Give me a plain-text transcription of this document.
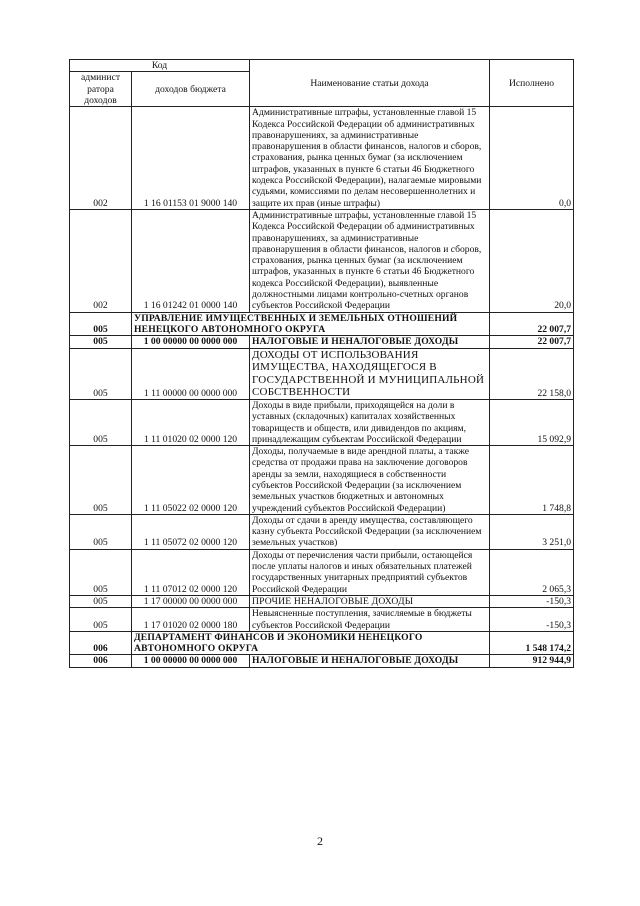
Код		Наименование статьи дохода	Исполнено
админист ратора доходов	доходов бюджета		
002	1 16 01153 01 9000 140	Административные штрафы, установленные главой 15 Кодекса Российской Федерации об административных правонарушениях, за административные правонарушения в области финансов, налогов и сборов, страхования, рынка ценных бумаг (за исключением штрафов, указанных в пункте 6 статьи 46 Бюджетного кодекса Российской Федерации), налагаемые мировыми судьями, комиссиями по делам несовершеннолетних и защите их прав (иные штрафы)	0,0
002	1 16 01242 01 0000 140	Административные штрафы, установленные главой 15 Кодекса Российской Федерации об административных правонарушениях, за административные правонарушения в области финансов, налогов и сборов, страхования, рынка ценных бумаг (за исключением штрафов, указанных в пункте 6 статьи 46 Бюджетного кодекса Российской Федерации), выявленные должностными лицами контрольно-счетных органов субъектов Российской Федерации	20,0
005	УПРАВЛЕНИЕ ИМУЩЕСТВЕННЫХ И ЗЕМЕЛЬНЫХ ОТНОШЕНИЙ НЕНЕЦКОГО АВТОНОМНОГО ОКРУГА		22 007,7
005	1 00 00000 00 0000 000	НАЛОГОВЫЕ И НЕНАЛОГОВЫЕ ДОХОДЫ	22 007,7
005	1 11 00000 00 0000 000	ДОХОДЫ ОТ ИСПОЛЬЗОВАНИЯ ИМУЩЕСТВА, НАХОДЯЩЕГОСЯ В ГОСУДАРСТВЕННОЙ И МУНИЦИПАЛЬНОЙ СОБСТВЕННОСТИ	22 158,0
005	1 11 01020 02 0000 120	Доходы в виде прибыли, приходящейся на доли в уставных (складочных) капиталах хозяйственных товариществ и обществ, или дивидендов по акциям, принадлежащим субъектам Российской Федерации	15 092,9
005	1 11 05022 02 0000 120	Доходы, получаемые в виде арендной платы, а также средства от продажи права на заключение договоров аренды за земли, находящиеся в собственности субъектов Российской Федерации (за исключением земельных участков бюджетных и автономных учреждений субъектов Российской Федерации)	1 748,8
005	1 11 05072 02 0000 120	Доходы от сдачи в аренду имущества, составляющего казну субъекта Российской Федерации (за исключением земельных участков)	3 251,0
005	1 11 07012 02 0000 120	Доходы от перечисления части прибыли, остающейся после уплаты налогов и иных обязательных платежей государственных унитарных предприятий субъектов Российской Федерации	2 065,3
005	1 17 00000 00 0000 000	ПРОЧИЕ НЕНАЛОГОВЫЕ ДОХОДЫ	-150,3
005	1 17 01020 02 0000 180	Невыясненные поступления, зачисляемые в бюджеты субъектов Российской Федерации	-150,3
006	ДЕПАРТАМЕНТ ФИНАНСОВ И ЭКОНОМИКИ НЕНЕЦКОГО АВТОНОМНОГО ОКРУГА		1 548 174,2
006	1 00 00000 00 0000 000	НАЛОГОВЫЕ И НЕНАЛОГОВЫЕ ДОХОДЫ	912 944,9
2
